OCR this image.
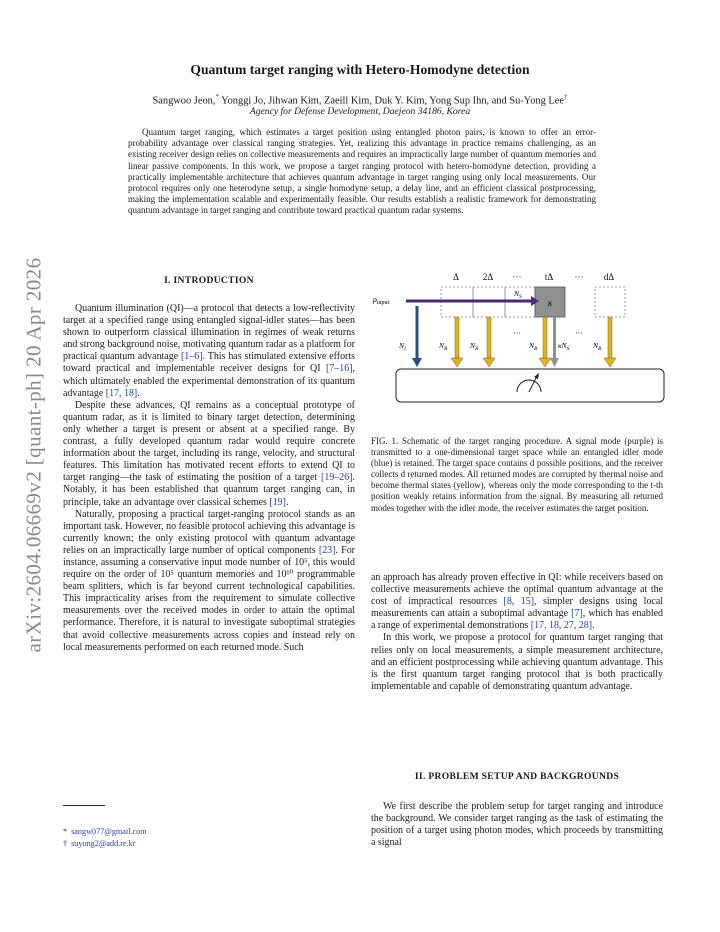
arXiv:2604.06669v2 [quant-ph] 20 Apr 2026
Quantum target ranging with Hetero-Homodyne detection
Sangwoo Jeon,* Yonggi Jo, Jihwan Kim, Zaeill Kim, Duk Y. Kim, Yong Sup Ihn, and Su-Yong Lee†
Agency for Defense Development, Daejeon 34186, Korea
Quantum target ranging, which estimates a target position using entangled photon pairs, is known to offer an error-probability advantage over classical ranging strategies. Yet, realizing this advantage in practice remains challenging, as an existing receiver design relies on collective measurements and requires an impractically large number of quantum memories and linear passive components. In this work, we propose a target ranging protocol with hetero-homodyne detection, providing a practically implementable architecture that achieves quantum advantage in target ranging using only local measurements. Our protocol requires only one heterodyne setup, a single homodyne setup, a delay line, and an efficient classical postprocessing, making the implementation scalable and experimentally feasible. Our results establish a realistic framework for demonstrating quantum advantage in target ranging and contribute toward practical quantum radar systems.
I. INTRODUCTION

Quantum illumination (QI)—a protocol that detects a low-reflectivity target at a specified range using entangled signal-idler states—has been shown to outperform classical illumination in regimes of weak returns and strong background noise, motivating quantum radar as a platform for practical quantum advantage [1–6]. This has stimulated extensive efforts toward practical and implementable receiver designs for QI [7–16], which ultimately enabled the experimental demonstration of its quantum advantage [17, 18].

Despite these advances, QI remains as a conceptual prototype of quantum radar, as it is limited to binary target detection, determining only whether a target is present or absent at a specified range. By contrast, a fully developed quantum radar would require concrete information about the target, including its range, velocity, and structural features. This limitation has motivated recent efforts to extend QI to target ranging—the task of estimating the position of a target [19–26]. Notably, it has been established that quantum target ranging can, in principle, take an advantage over classical schemes [19].

Naturally, proposing a practical target-ranging protocol stands as an important task. However, no feasible protocol achieving this advantage is currently known; the only existing protocol with quantum advantage relies on an impractically large number of optical components [23]. For instance, assuming a conservative input mode number of 10⁵, this would require on the order of 10⁵ quantum memories and 10¹⁰ programmable beam splitters, which is far beyond current technological capabilities. This impracticality arises from the requirement to simulate collective measurements over the received modes in order to attain the optimal performance. Therefore, it is natural to investigate suboptimal strategies that avoid collective measurements across copies and instead rely on local measurements performed on each returned mode. Such

* sangw077@gmail.com
† suyong2@add.re.kr
Δ	2Δ ···	tΔ ··· dΔ
κ
$\rho_{input}$
$N_S$
$N_I$	$N_B$	$N_B$
···
$N_B$	$\kappa N_S$
···
$N_B$
FIG. 1. Schematic of the target ranging procedure. A signal mode (purple) is transmitted to a one-dimensional target space while an entangled idler mode (blue) is retained. The target space contains d possible positions, and the receiver collects d returned modes. All returned modes are corrupted by thermal noise and become thermal states (yellow), whereas only the mode corresponding to the t-th position weakly retains information from the signal. By measuring all returned modes together with the idler mode, the receiver estimates the target position.

an approach has already proven effective in QI: while receivers based on collective measurements achieve the optimal quantum advantage at the cost of impractical resources [8, 15], simpler designs using local measurements can attain a suboptimal advantage [7], which has enabled a range of experimental demonstrations [17, 18, 27, 28].

In this work, we propose a protocol for quantum target ranging that relies only on local measurements, a simple measurement architecture, and an efficient postprocessing while achieving quantum advantage. This is the first quantum target ranging protocol that is both practically implementable and capable of demonstrating quantum advantage.

II. PROBLEM SETUP AND BACKGROUNDS

We first describe the problem setup for target ranging and introduce the background. We consider target ranging as the task of estimating the position of a target using photon modes, which proceeds by transmitting a signal
